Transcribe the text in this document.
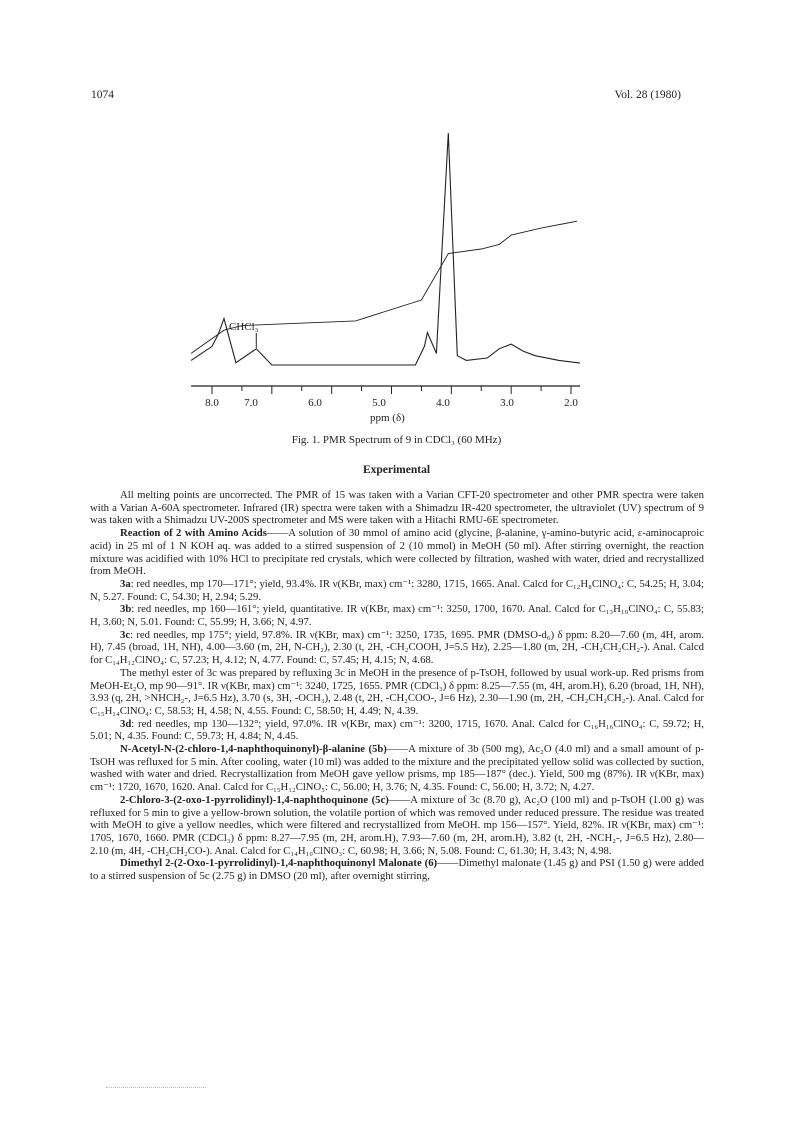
1074	Vol. 28 (1980)
CHCl₃
8.0 7.0	6.0	5.0	4.0	3.0	2.0
ppm (δ)
Fig. 1. PMR Spectrum of 9 in CDCl₃ (60 MHz)
Experimental

All melting points are uncorrected. The PMR of 15 was taken with a Varian CFT-20 spectrometer and other PMR spectra were taken with a Varian A-60A spectrometer. Infrared (IR) spectra were taken with a Shimadzu IR-420 spectrometer, the ultraviolet (UV) spectrum of 9 was taken with a Shimadzu UV-200S spectrometer and MS were taken with a Hitachi RMU-6E spectrometer.

Reaction of 2 with Amino Acids——A solution of 30 mmol of amino acid (glycine, β-alanine, γ-amino-butyric acid, ε-aminocaproic acid) in 25 ml of 1 N KOH aq. was added to a stirred suspension of 2 (10 mmol) in MeOH (50 ml). After stirring overnight, the reaction mixture was acidified with 10% HCl to precipitate red crystals, which were collected by filtration, washed with water, dried and recrystallized from MeOH.

3a: red needles, mp 170—171°; yield, 93.4%. IR ν(KBr, max) cm⁻¹: 3280, 1715, 1665. Anal. Calcd for C₁₂H₈ClNO₄: C, 54.25; H, 3.04; N, 5.27. Found: C, 54.30; H, 2.94; 5.29.

3b: red needles, mp 160—161°; yield, quantitative. IR ν(KBr, max) cm⁻¹: 3250, 1700, 1670. Anal. Calcd for C₁₃H₁₀ClNO₄: C, 55.83; H, 3.60; N, 5.01. Found: C, 55.99; H, 3.66; N, 4.97.

3c: red needles, mp 175°; yield, 97.8%. IR ν(KBr, max) cm⁻¹: 3250, 1735, 1695. PMR (DMSO-d₆) δ ppm: 8.20—7.60 (m, 4H, arom. H), 7.45 (broad, 1H, NH), 4.00—3.60 (m, 2H, N-CH₂), 2.30 (t, 2H, -CH₂COOH, J=5.5 Hz), 2.25—1.80 (m, 2H, -CH₂CH₂CH₂-). Anal. Calcd for C₁₄H₁₂ClNO₄: C, 57.23; H, 4.12; N, 4.77. Found: C, 57.45; H, 4.15; N, 4.68.

The methyl ester of 3c was prepared by refluxing 3c in MeOH in the presence of p-TsOH, followed by usual work-up. Red prisms from MeOH-Et₂O, mp 90—91°. IR ν(KBr, max) cm⁻¹: 3240, 1725, 1655. PMR (CDCl₃) δ ppm: 8.25—7.55 (m, 4H, arom.H), 6.20 (broad, 1H, NH), 3.93 (q, 2H, >NHCH₂-, J=6.5 Hz), 3.70 (s, 3H, -OCH₃), 2.48 (t, 2H, -CH₂COO-, J=6 Hz), 2.30—1.90 (m, 2H, -CH₂CH₂CH₂-). Anal. Calcd for C₁₅H₁₄ClNO₄: C, 58.53; H, 4.58; N, 4.55. Found: C, 58.50; H, 4.49; N, 4.39.

3d: red needles, mp 130—132°; yield, 97.0%. IR ν(KBr, max) cm⁻¹: 3200, 1715, 1670. Anal. Calcd for C₁₆H₁₆ClNO₄: C, 59.72; H, 5.01; N, 4.35. Found: C, 59.73; H, 4.84; N, 4.45.

N-Acetyl-N-(2-chloro-1,4-naphthoquinonyl)-β-alanine (5b)——A mixture of 3b (500 mg), Ac₂O (4.0 ml) and a small amount of p-TsOH was refluxed for 5 min. After cooling, water (10 ml) was added to the mixture and the precipitated yellow solid was collected by suction, washed with water and dried. Recrystallization from MeOH gave yellow prisms, mp 185—187° (dec.). Yield, 500 mg (87%). IR ν(KBr, max) cm⁻¹: 1720, 1670, 1620. Anal. Calcd for C₁₅H₁₂ClNO₅: C, 56.00; H, 3.76; N, 4.35. Found: C, 56.00; H, 3.72; N, 4.27.

2-Chloro-3-(2-oxo-1-pyrrolidinyl)-1,4-naphthoquinone (5c)——A mixture of 3c (8.70 g), Ac₂O (100 ml) and p-TsOH (1.00 g) was refluxed for 5 min to give a yellow-brown solution, the volatile portion of which was removed under reduced pressure. The residue was treated with MeOH to give a yellow needles, which were filtered and recrystallized from MeOH. mp 156—157°. Yield, 82%. IR ν(KBr, max) cm⁻¹: 1705, 1670, 1660. PMR (CDCl₃) δ ppm: 8.27—7.95 (m, 2H, arom.H), 7.93—7.60 (m, 2H, arom.H), 3.82 (t, 2H, -NCH₂-, J=6.5 Hz), 2.80—2.10 (m, 4H, -CH₂CH₂CO-). Anal. Calcd for C₁₄H₁₀ClNO₃: C, 60.98; H, 3.66; N, 5.08. Found: C, 61.30; H, 3.43; N, 4.98.

Dimethyl 2-(2-Oxo-1-pyrrolidinyl)-1,4-naphthoquinonyl Malonate (6)——Dimethyl malonate (1.45 g) and PSI (1.50 g) were added to a stirred suspension of 5c (2.75 g) in DMSO (20 ml), after overnight stirring,
